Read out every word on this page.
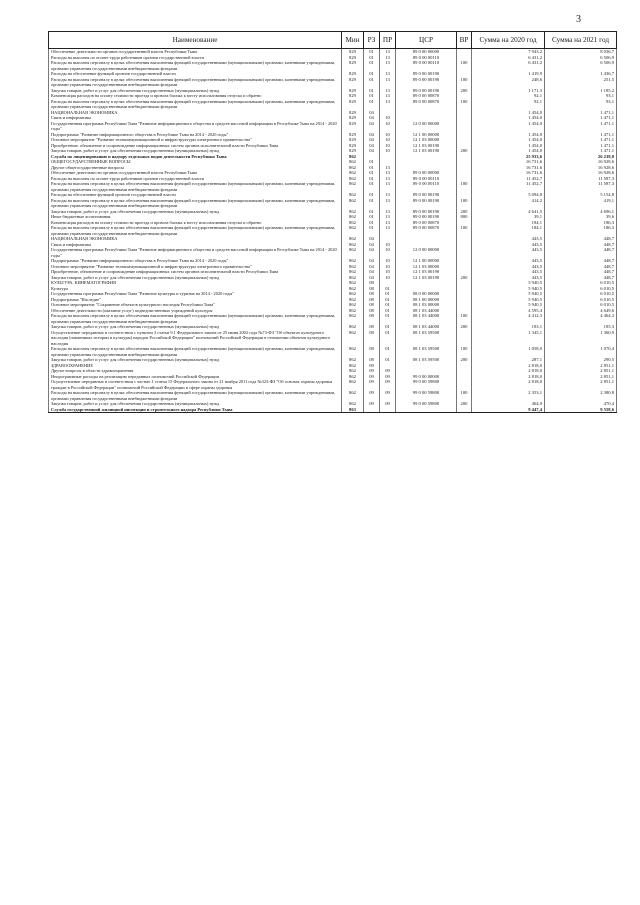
3
Наименование	Мин	РЗ	ПР	ЦСР	ВР	Сумма на 2020 год	Сумма на 2021 год
Обеспечение деятельности органов государственной власти Республики Тыва	829	01	13	89 0 00 00000		7 943,2	8 036,7
Расходы на выплаты по оплате труда работников органов государственной власти	829	01	13	89 0 00 00110		6 431,2	6 506,9
Расходы на выплаты персоналу в целях обеспечения выполнения функций государственными (муниципальными) органами, казенными учреждениями, органами управления государственными внебюджетными фондами	829	01	13	89 0 00 00110	100	6 431,2	6 506,9
Расходы на обеспечение функций органов государственной власти	829	01	13	89 0 00 00190		1 419,9	1 436,7
Расходы на выплаты персоналу в целях обеспечения выполнения функций государственными (муниципальными) органами, казенными учреждениями, органами управления государственными внебюджетными фондами	829	01	13	89 0 00 00190	100	248,6	251,5
Закупка товаров, работ и услуг для обеспечения государственных (муниципальных) нужд	829	01	13	89 0 00 00190	200	1 171,3	1 185,2
Компенсация расходов на оплату стоимости проезда и провоза багажа к месту использования отпуска и обратно	829	01	13	89 0 00 00870		92,1	93,1
Расходы на выплаты персоналу в целях обеспечения выполнения функций государственными (муниципальными) органами, казенными учреждениями, органами управления государственными внебюджетными фондами	829	01	13	89 0 00 00870	100	92,1	93,1
НАЦИОНАЛЬНАЯ ЭКОНОМИКА	829	04				1 454,0	1 471,1
Связь и информатика	829	04	10			1 454,0	1 471,1
Государственная программа Республики Тыва "Развитие информационного общества и средств массовой информации в Республике Тыва на 2014 - 2020 годы"	829	04	10	12 0 00 00000		1 454,0	1 471,1
Подпрограмма "Развитие информационного общества в Республике Тыва на 2014 - 2020 годы"	829	04	10	12 1 00 00000		1 454,0	1 471,1
Основное мероприятие "Развитие телекоммуникационной и инфраструктуры электронного правительства"	829	04	10	12 1 03 00000		1 454,0	1 471,1
Приобретение, обновление и сопровождение информационных систем органов исполнительной власти Республики Тыва	829	04	10	12 1 03 00190		1 454,0	1 471,1
Закупка товаров, работ и услуг для обеспечения государственных (муниципальных) нужд	829	04	10	12 1 03 00190	200	1 454,0	1 471,1
Служба по лицензированию и надзору отдельных видов деятельности Республики Тыва	862					25 933,6	26 239,0
ОБЩЕГОСУДАРСТВЕННЫЕ ВОПРОСЫ	862	01				16 731,6	16 928,6
Другие общегосударственные вопросы	862	01	13			16 731,6	16 928,6
Обеспечение деятельности органов государственной власти Республики Тыва	862	01	13	89 0 00 00000		16 731,6	16 928,6
Расходы на выплаты по оплате труда работников органов государственной власти	862	01	13	89 0 00 00110		11 452,7	11 587,3
Расходы на выплаты персоналу в целях обеспечения выполнения функций государственными (муниципальными) органами, казенными учреждениями, органами управления государственными внебюджетными фондами	862	01	13	89 0 00 00110	100	11 452,7	11 587,3
Расходы на обеспечение функций органов государственной власти	862	01	13	89 0 00 00190		5 094,8	5 154,8
Расходы на выплаты персоналу в целях обеспечения выполнения функций государственными (муниципальными) органами, казенными учреждениями, органами управления государственными внебюджетными фондами	862	01	13	89 0 00 00190	100	414,2	419,1
Закупка товаров, работ и услуг для обеспечения государственных (муниципальных) нужд	862	01	13	89 0 00 00190	200	4 641,5	4 696,1
Иные бюджетные ассигнования	862	01	13	89 0 00 00190	800	39,1	39,6
Компенсация расходов на оплату стоимости проезда и провоза багажа к месту использования отпуска и обратно	862	01	13	89 0 00 00870		184,1	186,3
Расходы на выплаты персоналу в целях обеспечения выполнения функций государственными (муниципальными) органами, казенными учреждениями, органами управления государственными внебюджетными фондами	862	01	13	89 0 00 00870	100	184,1	186,3
НАЦИОНАЛЬНАЯ ЭКОНОМИКА	862	04				443,5	448,7
Связь и информатика	862	04	10			443,5	448,7
Государственная программа Республики Тыва "Развитие информационного общества и средств массовой информации в Республике Тыва на 2014 - 2020 годы"	862	04	10	12 0 00 00000		443,5	448,7
Подпрограмма "Развитие информационного общества в Республике Тыва на 2014 - 2020 годы"	862	04	10	12 1 00 00000		443,5	448,7
Основное мероприятие "Развитие телекоммуникационной и инфраструктуры электронного правительства"	862	04	10	12 1 03 00000		443,5	448,7
Приобретение, обновление и сопровождение информационных систем органов исполнительной власти Республики Тыва	862	04	10	12 1 03 00190		443,5	448,7
Закупка товаров, работ и услуг для обеспечения государственных (муниципальных) нужд	862	04	10	12 1 03 00190	200	443,5	448,7
КУЛЬТУРА, КИНЕМАТОГРАФИЯ	862	08				5 940,5	6 010,5
Культура	862	08	01			5 940,5	6 010,5
Государственная программа Республики Тыва "Развитие культуры и туризма на 2014 - 2020 годы"	862	08	01	08 0 00 00000		5 940,5	6 010,5
Подпрограмма "Наследие"	862	08	01	08 1 00 00000		5 940,5	6 010,5
Основное мероприятие "Сохранение объектов культурного наследия Республики Тыва"	862	08	01	08 1 03 00000		5 940,5	6 010,5
Обеспечение деятельности (оказание услуг) подведомственных учреждений культуры	862	08	01	08 1 03 44000		4 595,4	4 649,6
Расходы на выплаты персоналу в целях обеспечения выполнения функций государственными (муниципальными) органами, казенными учреждениями, органами управления государственными внебюджетными фондами	862	08	01	08 1 03 44000	100	4 412,3	4 464,3
Закупка товаров, работ и услуг для обеспечения государственных (муниципальных) нужд	862	08	01	08 1 03 44000	200	183,1	185,3
Осуществление переданных в соответствии с пунктом 3 статьи 9.1 Федерального закона от 25 июня 2002 года №73-ФЗ "Об объектах культурного наследия (памятниках истории и культуры) народов Российской Федерации" полномочий Российской Федерации в отношении объектов культурного наследия	862	08	01	08 1 03 59500		1 345,1	1 360,9
Расходы на выплаты персоналу в целях обеспечения выполнения функций государственными (муниципальными) органами, казенными учреждениями, органами управления государственными внебюджетными фондами	862	08	01	08 1 03 59500	100	1 058,0	1 070,4
Закупка товаров, работ и услуг для обеспечения государственных (муниципальных) нужд	862	08	01	08 1 03 59500	200	287,1	290,5
ЗДРАВООХРАНЕНИЕ	862	09				2 818,0	2 851,1
Другие вопросы в области здравоохранения	862	09	09			2 818,0	2 851,1
Непрограммные расходы на реализацию переданных полномочий Российской Федерации	862	09	09	99 0 00 00000		2 818,0	2 851,1
Осуществление переданных в соответствии с частью 1 статьи 15 Федерального закона от 21 ноября 2011 года №323-ФЗ "Об основах охраны здоровья граждан в Российской Федерации" полномочий Российской Федерации в сфере охраны здоровья	862	09	09	99 0 00 59800		2 818,0	2 851,1
Расходы на выплаты персоналу в целях обеспечения выполнения функций государственными (муниципальными) органами, казенными учреждениями, органами управления государственными внебюджетными фондами	862	09	09	99 0 00 59800	100	2 353,1	2 380,8
Закупка товаров, работ и услуг для обеспечения государственных (муниципальных) нужд	862	09	09	99 0 00 59800	200	464,9	470,4
Служба государственной жилищной инспекции и строительного надзора Республики Тыва	863					9 447,4	9 558,6
